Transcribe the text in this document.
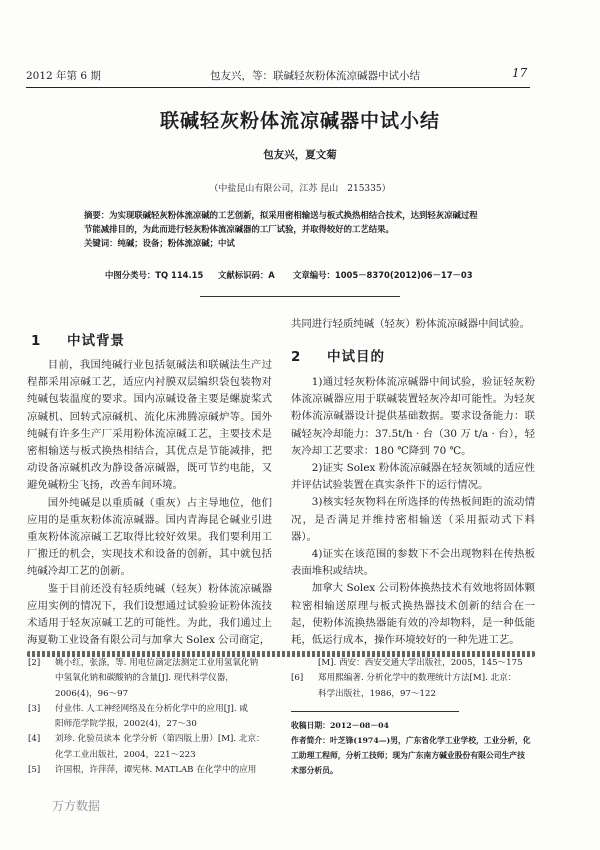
2012 年第 6 期	包友兴，等：联碱轻灰粉体流凉碱器中试小结	17
联碱轻灰粉体流凉碱器中试小结
包友兴，夏文菊
（中盐昆山有限公司，江苏 昆山　215335）
摘要：为实现联碱轻灰粉体流凉碱的工艺创新，拟采用密相输送与板式换热相结合技术，达到轻灰凉碱过程节能减排目的，为此而进行轻灰粉体流凉碱器的工厂试验，并取得较好的工艺结果。
关键词：纯碱；设备；粉体流凉碱；中试
中图分类号：TQ 114.15 文献标识码：A 文章编号：1005－8370(2012)06－17－03
1 中试背景

目前，我国纯碱行业包括氨碱法和联碱法生产过程都采用凉碱工艺，适应内衬膜双层编织袋包装物对纯碱包装温度的要求。国内凉碱设备主要是螺旋桨式凉碱机、回转式凉碱机、流化床沸腾凉碱炉等。国外纯碱有许多生产厂采用粉体流凉碱工艺，主要技术是密相输送与板式换热相结合，其优点是节能减排，把动设备凉碱机改为静设备凉碱器，既可节约电能，又避免碱粉尘飞扬，改善车间环境。

国外纯碱是以重质碱（重灰）占主导地位，他们应用的是重灰粉体流凉碱器。国内青海昆仑碱业引进重灰粉体流凉碱工艺取得比较好效果。我们要利用工厂搬迁的机会，实现技术和设备的创新，其中就包括纯碱冷却工艺的创新。

鉴于目前还没有轻质纯碱（轻灰）粉体流凉碱器应用实例的情况下，我们设想通过试验验证粉体流技术适用于轻灰凉碱工艺的可能性。为此，我们通过上海夏勒工业设备有限公司与加拿大 Solex 公司商定，

共同进行轻质纯碱（轻灰）粉体流凉碱器中间试验。

2 中试目的

1)通过轻灰粉体流凉碱器中间试验，验证轻灰粉体流凉碱器应用于联碱装置轻灰冷却可能性。为轻灰粉体流凉碱器设计提供基础数据。要求设备能力：联碱轻灰冷却能力：37.5t/h · 台（30 万 t/a · 台），轻灰冷却工艺要求：180 ℃降到 70 ℃。

2)证实 Solex 粉体流凉碱器在轻灰领域的适应性并评估试验装置在真实条件下的运行情况。

3)核实轻灰物料在所选择的传热板间距的流动情况，是否满足并维持密相输送（采用振动式下料器）。

4)证实在该范围的参数下不会出现物料在传热板表面堆积或结块。

加拿大 Solex 公司粉体换热技术有效地将固体颗粒密相输送原理与板式换热器技术创新的结合在一起，使粉体流换热器能有效的冷却物料，是一种低能耗，低运行成本，操作环境较好的一种先进工艺。

[2]	姚小红，张涤，等. 用电位滴定法测定工业用氢氧化钠
中氢氧化钠和碳酸钠的含量[J]. 现代科学仪器，2006(4)，96～97
[3]	付业伟. 人工神经网络及在分析化学中的应用[J]. 咸
阳师范学院学报，2002(4)，27～30
[4]	刘珍. 化验员读本 化学分析（第四版上册）[M]. 北京：
化学工业出版社，2004，221～223
[5]	许国根，许萍萍，谭宪林. MATLAB 在化学中的应用
[M]. 西安：西安交通大学出版社，2005，145～175
[6]	郑用熙编著. 分析化学中的数理统计方法[M]. 北京：
科学出版社，1986，97～122
收稿日期：2012－08－04
作者简介：叶芝锋(1974—)男，广东省化学工业学校，工业分析，化工助理工程师，分析工技师；现为广东南方碱业股份有限公司生产技术部分析员。
万方数据
